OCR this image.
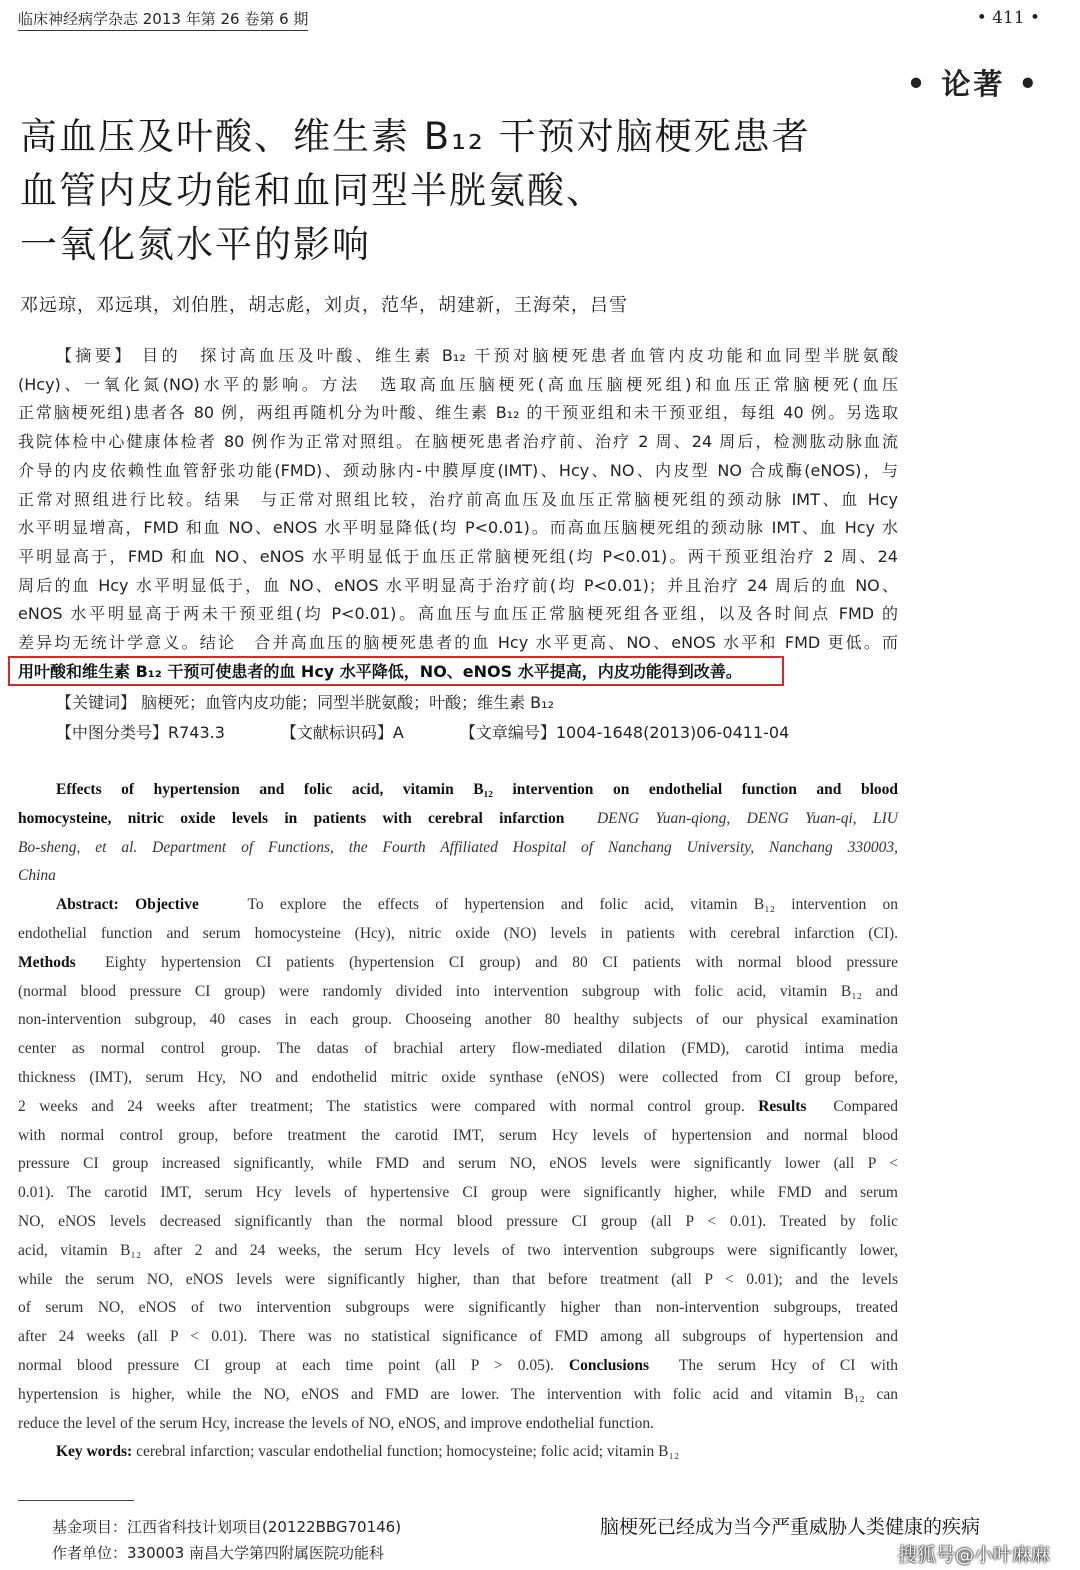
临床神经病学杂志 2013 年第 26 卷第 6 期	• 411 •
• 论著 •
高血压及叶酸、维生素 B₁₂ 干预对脑梗死患者
血管内皮功能和血同型半胱氨酸、
一氧化氮水平的影响
邓远琼，邓远琪，刘伯胜，胡志彪，刘贞，范华，胡建新，王海荣，吕雪
【摘要】 目的　探讨高血压及叶酸、维生素 B₁₂ 干预对脑梗死患者血管内皮功能和血同型半胱氨酸
(Hcy)、一氧化氮(NO)水平的影响。方法　选取高血压脑梗死(高血压脑梗死组)和血压正常脑梗死(血压
正常脑梗死组)患者各 80 例，两组再随机分为叶酸、维生素 B₁₂ 的干预亚组和未干预亚组，每组 40 例。另选取
我院体检中心健康体检者 80 例作为正常对照组。在脑梗死患者治疗前、治疗 2 周、24 周后，检测肱动脉血流
介导的内皮依赖性血管舒张功能(FMD)、颈动脉内-中膜厚度(IMT)、Hcy、NO、内皮型 NO 合成酶(eNOS)，与
正常对照组进行比较。结果　与正常对照组比较，治疗前高血压及血压正常脑梗死组的颈动脉 IMT、血 Hcy
水平明显增高，FMD 和血 NO、eNOS 水平明显降低(均 P<0.01)。而高血压脑梗死组的颈动脉 IMT、血 Hcy 水
平明显高于，FMD 和血 NO、eNOS 水平明显低于血压正常脑梗死组(均 P<0.01)。两干预亚组治疗 2 周、24
周后的血 Hcy 水平明显低于，血 NO、eNOS 水平明显高于治疗前(均 P<0.01)；并且治疗 24 周后的血 NO、
eNOS 水平明显高于两未干预亚组(均 P<0.01)。高血压与血压正常脑梗死组各亚组，以及各时间点 FMD 的
差异均无统计学意义。结论　合并高血压的脑梗死患者的血 Hcy 水平更高、NO、eNOS 水平和 FMD 更低。而
用叶酸和维生素 B₁₂ 干预可使患者的血 Hcy 水平降低，NO、eNOS 水平提高，内皮功能得到改善。
【关键词】 脑梗死；血管内皮功能；同型半胱氨酸；叶酸；维生素 B₁₂
【中图分类号】R743.3　　　　【文献标识码】A　　　　【文章编号】1004-1648(2013)06-0411-04
Effects of hypertension and folic acid, vitamin B₁₂ intervention on endothelial function and blood
homocysteine, nitric oxide levels in patients with cerebral infarction  DENG Yuan-qiong, DENG Yuan-qi, LIU
Bo-sheng, et al. Department of Functions, the Fourth Affiliated Hospital of Nanchang University, Nanchang 330003,
China
Abstract: Objective   To explore the effects of hypertension and folic acid, vitamin B₁₂ intervention on
endothelial function and serum homocysteine (Hcy), nitric oxide (NO) levels in patients with cerebral infarction (CI).
Methods  Eighty hypertension CI patients (hypertension CI group) and 80 CI patients with normal blood pressure
(normal blood pressure CI group) were randomly divided into intervention subgroup with folic acid, vitamin B₁₂ and
non-intervention subgroup, 40 cases in each group. Chooseing another 80 healthy subjects of our physical examination
center as normal control group. The datas of brachial artery flow-mediated dilation (FMD), carotid intima media
thickness (IMT), serum Hcy, NO and endothelid mitric oxide synthase (eNOS) were collected from CI group before,
2 weeks and 24 weeks after treatment; The statistics were compared with normal control group. Results  Compared
with normal control group, before treatment the carotid IMT, serum Hcy levels of hypertension and normal blood
pressure CI group increased significantly, while FMD and serum NO, eNOS levels were significantly lower (all P <
0.01). The carotid IMT, serum Hcy levels of hypertensive CI group were significantly higher, while FMD and serum
NO, eNOS levels decreased significantly than the normal blood pressure CI group (all P < 0.01). Treated by folic
acid, vitamin B₁₂ after 2 and 24 weeks, the serum Hcy levels of two intervention subgroups were significantly lower,
while the serum NO, eNOS levels were significantly higher, than that before treatment (all P < 0.01); and the levels
of serum NO, eNOS of two intervention subgroups were significantly higher than non-intervention subgroups, treated
after 24 weeks (all P < 0.01). There was no statistical significance of FMD among all subgroups of hypertension and
normal blood pressure CI group at each time point (all P > 0.05). Conclusions  The serum Hcy of CI with
hypertension is higher, while the NO, eNOS and FMD are lower. The intervention with folic acid and vitamin B₁₂ can
reduce the level of the serum Hcy, increase the levels of NO, eNOS, and improve endothelial function.
Key words: cerebral infarction; vascular endothelial function; homocysteine; folic acid; vitamin B₁₂
基金项目：江西省科技计划项目(20122BBG70146)
作者单位：330003 南昌大学第四附属医院功能科
脑梗死已经成为当今严重威胁人类健康的疾病
搜狐号@小叶麻麻
